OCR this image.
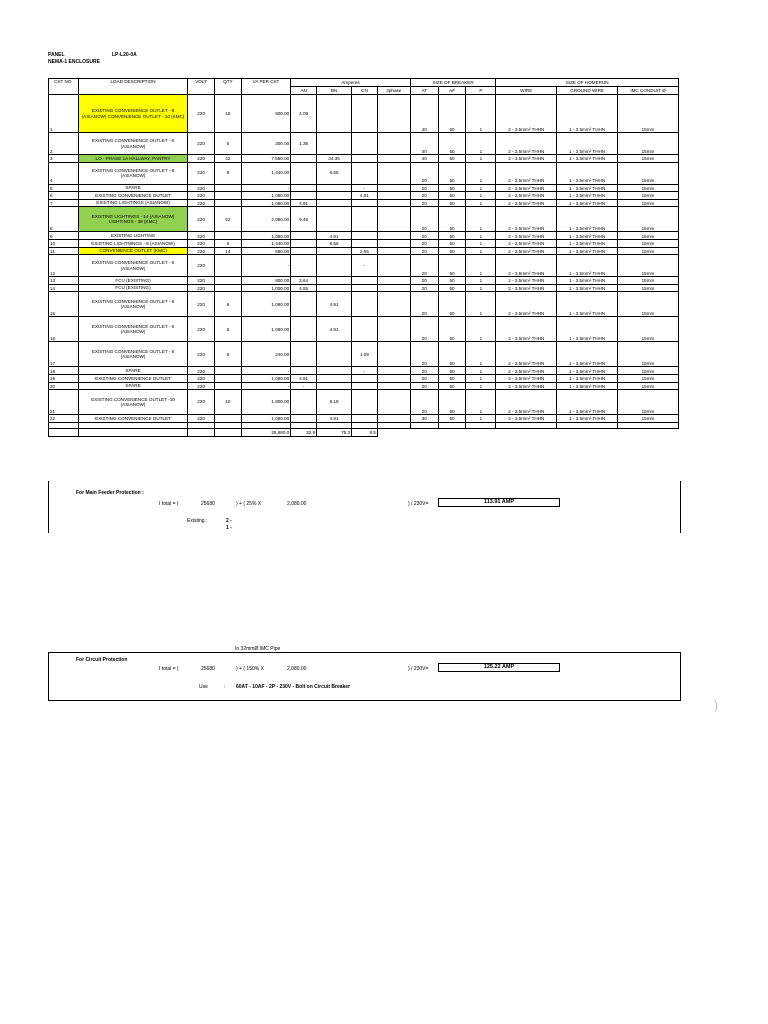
PANEL	LP-L20-0A
NEMA-1 ENCLOSURE
CKT NO.	LOAD DESCRIPTION	VOLT	QTY	VA PER CKT	Amperes				SIZE OF BREAKER			SIZE OF HOMERUN		
					AN	BN	CN	3phase	AT	AF	P	WIRE	GROUND WIRE	IMC CONDUIT Ø
1	EXISTING CONVENIENCE OUTLET - 8 (ASIANOW) CONVENIENCE OUTLET - 10 (KMC)	220	18	900.00	4.09				40	50	1	2 - 3.5mm² THHN	1 - 3.5mm² THHN	15mm
2	EXISTING CONVENIENCE OUTLET - 6 (ASIANOW)	220	6	300.00	1.36				40	50	1	2 - 3.5mm² THHN	1 - 3.5mm² THHN	15mm
3	LO - PHASE 1A HALLWAY, PANTRY	220	42	7,560.00		34.36			40	50	1	2 - 3.5mm² THHN	1 - 3.5mm² THHN	15mm
4	EXISTING CONVENIENCE OUTLET - 8 (ASIANOW)	220	8	1,440.00		6.55			20	50	1	2 - 3.5mm² THHN	1 - 3.5mm² THHN	15mm
5	SPARE	220		-			-		20	50	1	2 - 3.5mm² THHN	1 - 3.5mm² THHN	15mm
6	EXISTING CONVENIENCE OUTLET	220		1,080.00			4.91		20	50	1	2 - 3.5mm² THHN	1 - 3.5mm² THHN	15mm
7	EXISTING LIGHTINGS (ASIANOW)	220		1,080.00	4.91				20	50	1	2 - 3.5mm² THHN	1 - 3.5mm² THHN	15mm
8	EXISTING LIGHTINGS - 14 (ASIANOW) LIGHTINGS - 38 (KMC)	220	52	2,080.00	9.45				20	50	1	2 - 3.5mm² THHN	1 - 3.5mm² THHN	15mm
9	EXISTING LIGHTING	220		1,080.00		4.91			20	50	1	2 - 3.5mm² THHN	1 - 3.5mm² THHN	15mm
10	EXISTING LIGHTNINGS - 8 (ASIANOW)	220	8	1,440.00		6.55			20	50	1	2 - 3.5mm² THHN	1 - 3.5mm² THHN	15mm
11	CONVENIENCE OUTLET (KMC)	220	14	560.00			2.55		20	50	1	2 - 3.5mm² THHN	1 - 3.5mm² THHN	15mm
12	EXISTING CONVENIENCE OUTLET - 6 (ASIANOW)	220		-			-		20	50	1	2 - 3.5mm² THHN	1 - 3.5mm² THHN	15mm
13	FCU (EXISTING)	220		800.00	3.64				20	50	1	2 - 3.5mm² THHN	1 - 3.5mm² THHN	15mm
14	FCU (EXISTING)	220		1,000.00	4.55				20	50	1	2 - 3.5mm² THHN	1 - 3.5mm² THHN	15mm
15	EXISTING CONVENIENCE OUTLET - 6 (ASIANOW)	220	6	1,080.00		4.91			20	50	1	2 - 3.5mm² THHN	1 - 3.5mm² THHN	15mm
16	EXISTING CONVENIENCE OUTLET - 6 (ASIANOW)	220	6	1,080.00		4.91			20	50	1	2 - 3.5mm² THHN	1 - 3.5mm² THHN	15mm
17	EXISTING CONVENIENCE OUTLET - 6 (ASIANOW)	220	6	240.00			1.09		20	50	1	2 - 3.5mm² THHN	1 - 3.5mm² THHN	15mm
18	SPARE	220		-			-		20	50	1	2 - 3.5mm² THHN	1 - 3.5mm² THHN	15mm
19	EXISTING CONVENIENCE OUTLET	220		1,080.00	4.91				20	50	1	2 - 3.5mm² THHN	1 - 3.5mm² THHN	15mm
20	SPARE	220		-	-				20	50	1	2 - 3.5mm² THHN	1 - 3.5mm² THHN	15mm
21	EXISTING CONVENIENCE OUTLET -10 (ASIANOW)	220	10	1,800.00		8.18			20	50	1	2 - 3.5mm² THHN	1 - 3.5mm² THHN	15mm
22	EXISTING CONVENIENCE OUTLET	220		1,080.00		4.91			30	50	1	2 - 3.5mm² THHN	1 - 3.5mm² THHN	15mm

				25,680.0	32.9	75.3	8.5							
For Main Feeder Protection :
I total = (	25680	) + ( 25% X	2,080.00	) / 230V=	113.91 AMP
Existing :	2 -
1 -
In 32mmØ IMC Pipe
For Circuit Protection
I total = (	25680	) + ( 150% X	2,080.00	) / 230V=	125.22 AMP
Use	: 60AT - 10AF - 2P - 230V - Bolt on Circuit Breaker
)
